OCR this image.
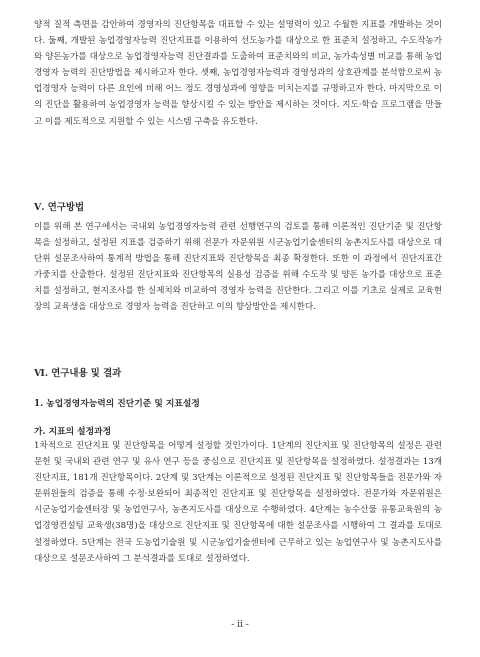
양적 질적 측면을 감안하여 경영자의 진단항목을 대표할 수 있는 설명력이 있고 수월한 지표를 개발하는 것이다. 둘째, 개발된 농업경영자능력 진단지표를 이용하여 선도농가를 대상으로 한 표준치 설정하고, 수도작농가와 양돈농가를 대상으로 농업경영자능력 진단결과를 도출하여 표준치와의 비교, 농가속성별 비교를 통해 농업경영자 능력의 진단방법을 제시하고자 한다. 셋째, 농업경영자능력과 경영성과의 상호관계를 분석함으로써 농업경영자 능력이 다른 요인에 비해 어느 정도 경영성과에 영향을 미치는지를 규명하고자 한다. 마지막으로 이의 진단을 활용하여 농업경영자 능력을 향상시킬 수 있는 방안을 제시하는 것이다. 지도·학습 프로그램을 만들고 이를 제도적으로 지원할 수 있는 시스템 구축을 유도한다.

Ⅴ. 연구방법

이를 위해 본 연구에서는 국내외 농업경영자능력 관련 선행연구의 검토를 통해 이론적인 진단기준 및 진단항목을 설정하고, 설정된 지표를 검증하기 위해 전문가 자문위원 시군농업기술센터의 농촌지도사를 대상으로 대단위 설문조사하여 통계적 방법을 통해 진단지표와 진단항목을 최종 확정한다. 또한 이 과정에서 진단지표간 가중치를 산출한다. 설정된 진단지표와 진단항목의 실용성 검증을 위해 수도작 및 양돈 농가를 대상으로 표준치를 설정하고, 현지조사를 한 실제치와 비교하여 경영자 능력을 진단한다. 그리고 이를 기초로 실제로 교육현장의 교육생을 대상으로 경영자 능력을 진단하고 이의 향상방안을 제시한다.

Ⅵ. 연구내용 및 결과
1. 농업경영자능력의 진단기준 및 지표설정
가. 지표의 설정과정

1차적으로 진단지표 및 진단항목을 어떻게 설정할 것인가이다. 1단계의 진단지표 및 진단항목의 설정은 관련문헌 및 국내외 관련 연구 및 유사 연구 등을 중심으로 진단지표 및 진단항목을 설정하였다. 설정결과는 13개 진단지표, 181개 진단항목이다. 2단계 및 3단계는 이론적으로 설정된 진단지표 및 진단항목들을 전문가와 자문위원들의 검증을 통해 수정·보완되어 최종적인 진단지표 및 진단항목을 설정하였다. 전문가와 자문위원은 시군농업기술센터장 및 농업연구사, 농촌지도사를 대상으로 수행하였다. 4단계는 농수산물 유통교육원의 농업경영컨설팅 교육생(38명)을 대상으로 진단지표 및 진단항목에 대한 설문조사를 시행하여 그 결과를 토대로 설정하였다. 5단계는 전국 도농업기술원 및 시군농업기술센터에 근무하고 있는 농업연구사 및 농촌지도사를 대상으로 설문조사하여 그 분석결과를 토대로 설정하였다.

- ii -
